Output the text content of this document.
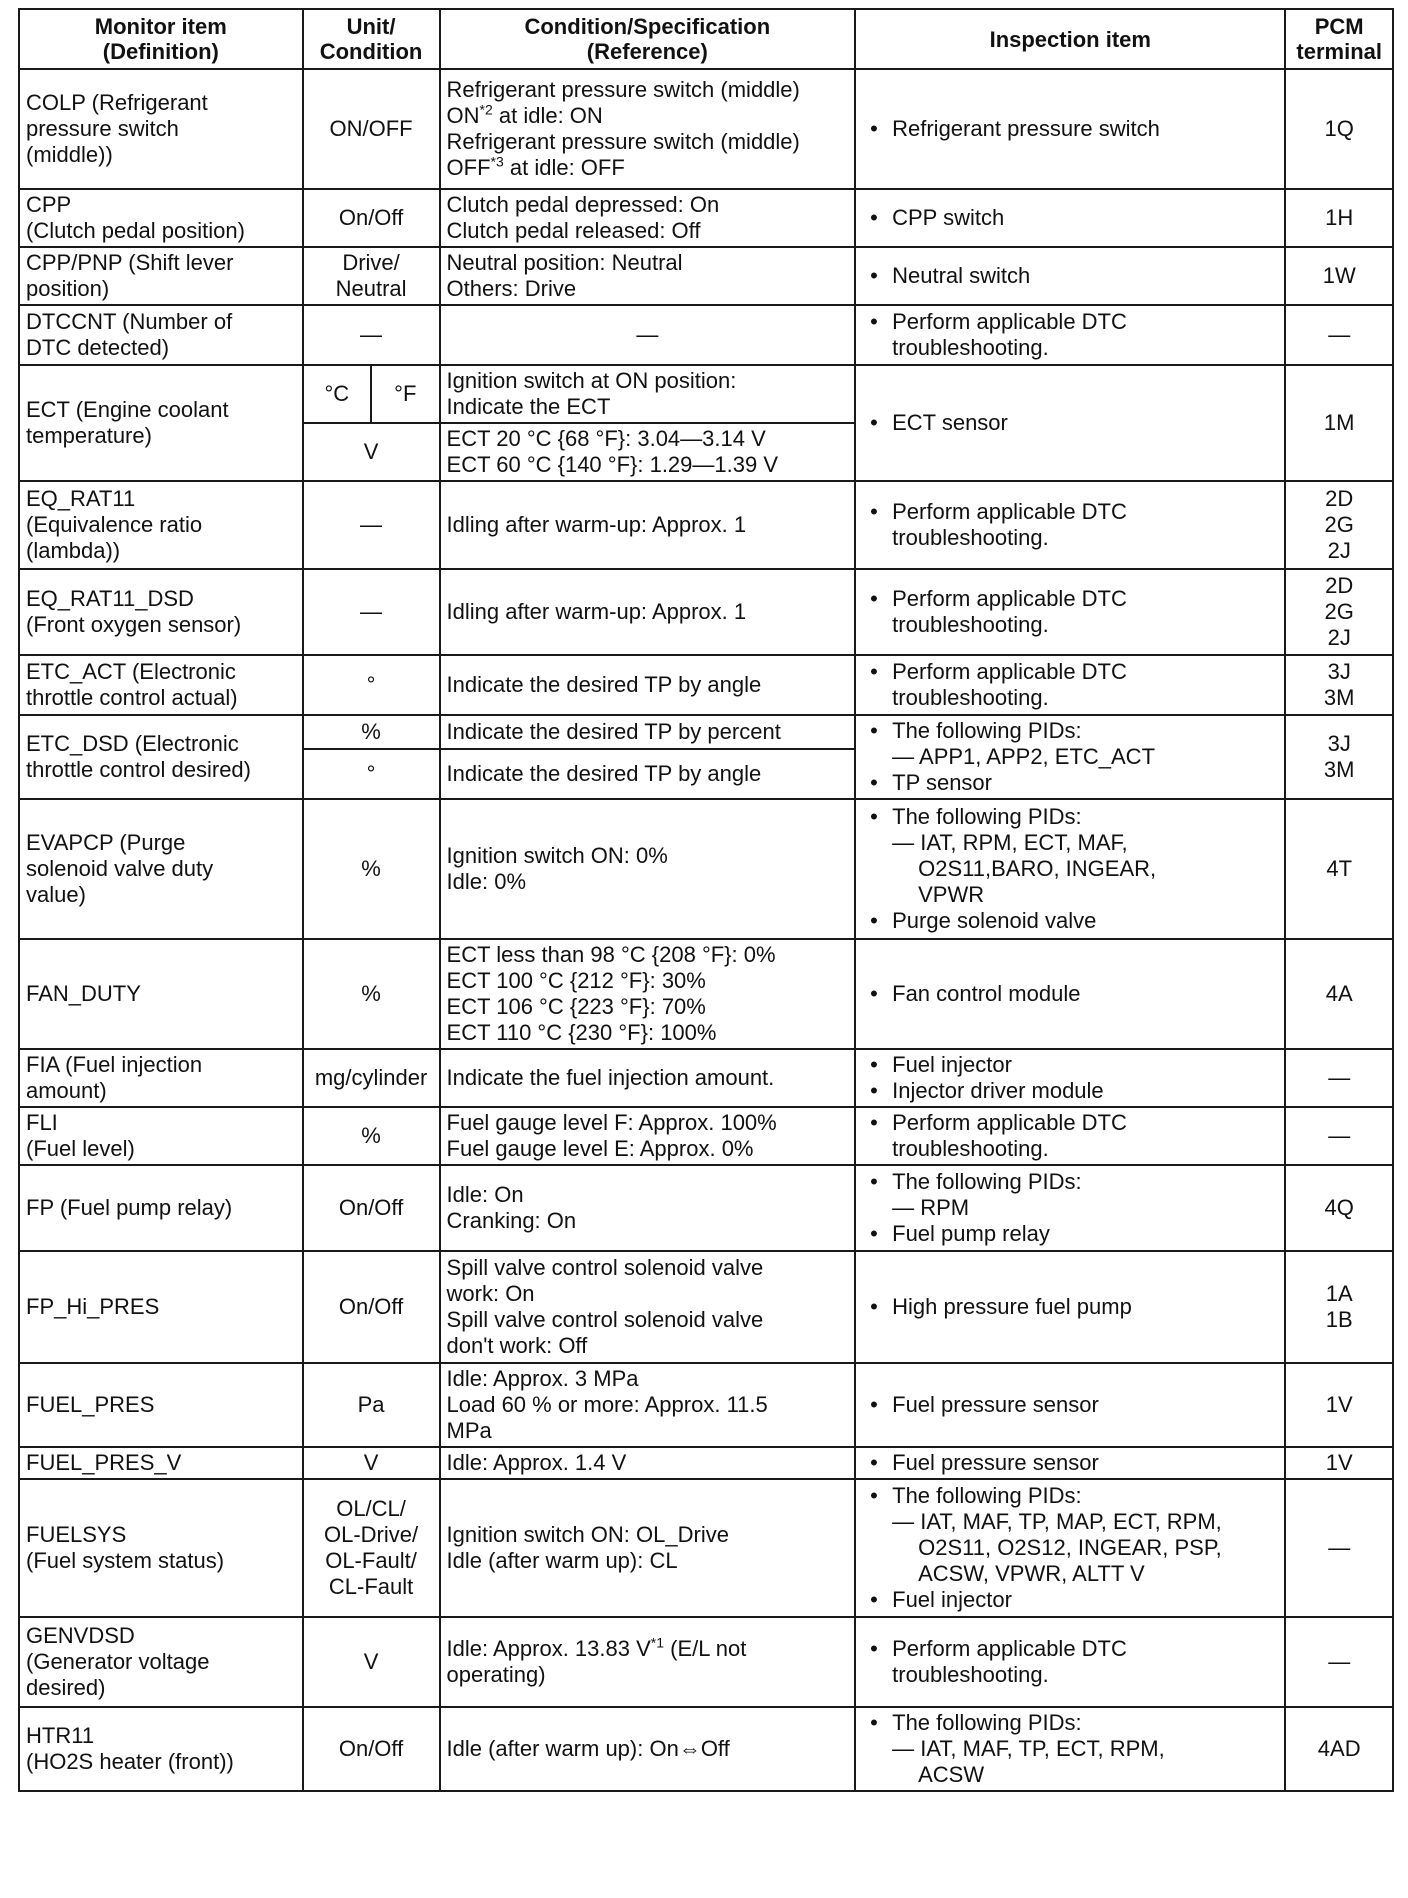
Monitor item
(Definition)	Unit/
Condition		Condition/Specification
(Reference)	Inspection item	PCM
terminal

COLP (Refrigerant
pressure switch
(middle))	ON/OFF		Refrigerant pressure switch (middle)
ON$^{*2}$ at idle: ON
Refrigerant pressure switch (middle)
OFF$^{*3}$ at idle: OFF	• Refrigerant pressure switch	1Q

CPP
(Clutch pedal position)	On/Off		Clutch pedal depressed: On
Clutch pedal released: Off	• CPP switch	1H

CPP/PNP (Shift lever
position)	Drive/
Neutral		Neutral position: Neutral
Others: Drive	• Neutral switch	1W

DTCCNT (Number of
DTC detected)	—		—	• Perform applicable DTC troubleshooting.	—

ECT (Engine coolant
temperature)	°C	°F	Ignition switch at ON position:
Indicate the ECT	• ECT sensor	1M
	V		ECT 20 °C {68 °F}: 3.04—3.14 V
ECT 60 °C {140 °F}: 1.29—1.39 V		

EQ_RAT11
(Equivalence ratio
(lambda))	—		Idling after warm-up: Approx. 1	• Perform applicable DTC troubleshooting.	2D
2G
2J

EQ_RAT11_DSD
(Front oxygen sensor)	—		Idling after warm-up: Approx. 1	• Perform applicable DTC troubleshooting.	2D
2G
2J

ETC_ACT (Electronic
throttle control actual)	°		Indicate the desired TP by angle	• Perform applicable DTC troubleshooting.	3J
3M

ETC_DSD (Electronic
throttle control desired)	%		Indicate the desired TP by percent	• The following PIDs:
— APP1, APP2, ETC_ACT
• TP sensor	3J
3M

	°		Indicate the desired TP by angle		

EVAPCP (Purge
solenoid valve duty
value)	%		Ignition switch ON: 0%
Idle: 0%	• The following PIDs:
— IAT, RPM, ECT, MAF,
O2S11,BARO, INGEAR,
VPWR
• Purge solenoid valve	4T

FAN_DUTY	%		ECT less than 98 °C {208 °F}: 0%
ECT 100 °C {212 °F}: 30%
ECT 106 °C {223 °F}: 70%
ECT 110 °C {230 °F}: 100%	• Fan control module	4A

FIA (Fuel injection
amount)	mg/cylinder		Indicate the fuel injection amount.	• Fuel injector
• Injector driver module	—

FLI
(Fuel level)	%		Fuel gauge level F: Approx. 100%
Fuel gauge level E: Approx. 0%	• Perform applicable DTC troubleshooting.	—

FP (Fuel pump relay)	On/Off		Idle: On
Cranking: On	• The following PIDs:
— RPM
• Fuel pump relay	4Q

FP_Hi_PRES	On/Off		Spill valve control solenoid valve
work: On
Spill valve control solenoid valve
don't work: Off	• High pressure fuel pump	1A
1B

FUEL_PRES	Pa		Idle: Approx. 3 MPa
Load 60 % or more: Approx. 11.5
MPa	• Fuel pressure sensor	1V

FUEL_PRES_V	V		Idle: Approx. 1.4 V	• Fuel pressure sensor	1V

FUELSYS
(Fuel system status)	OL/CL/
OL-Drive/
OL-Fault/
CL-Fault		Ignition switch ON: OL_Drive
Idle (after warm up): CL	• The following PIDs:
— IAT, MAF, TP, MAP, ECT, RPM,
O2S11, O2S12, INGEAR, PSP,
ACSW, VPWR, ALTT V
• Fuel injector	—

GENVDSD
(Generator voltage
desired)	V		Idle: Approx. 13.83 $V^{*1}$ (E/L not
operating)	• Perform applicable DTC troubleshooting.	—

HTR11
(HO2S heater (front))	On/Off		Idle (after warm up): On⇔Off	• The following PIDs:
— IAT, MAF, TP, ECT, RPM,
ACSW	4AD
